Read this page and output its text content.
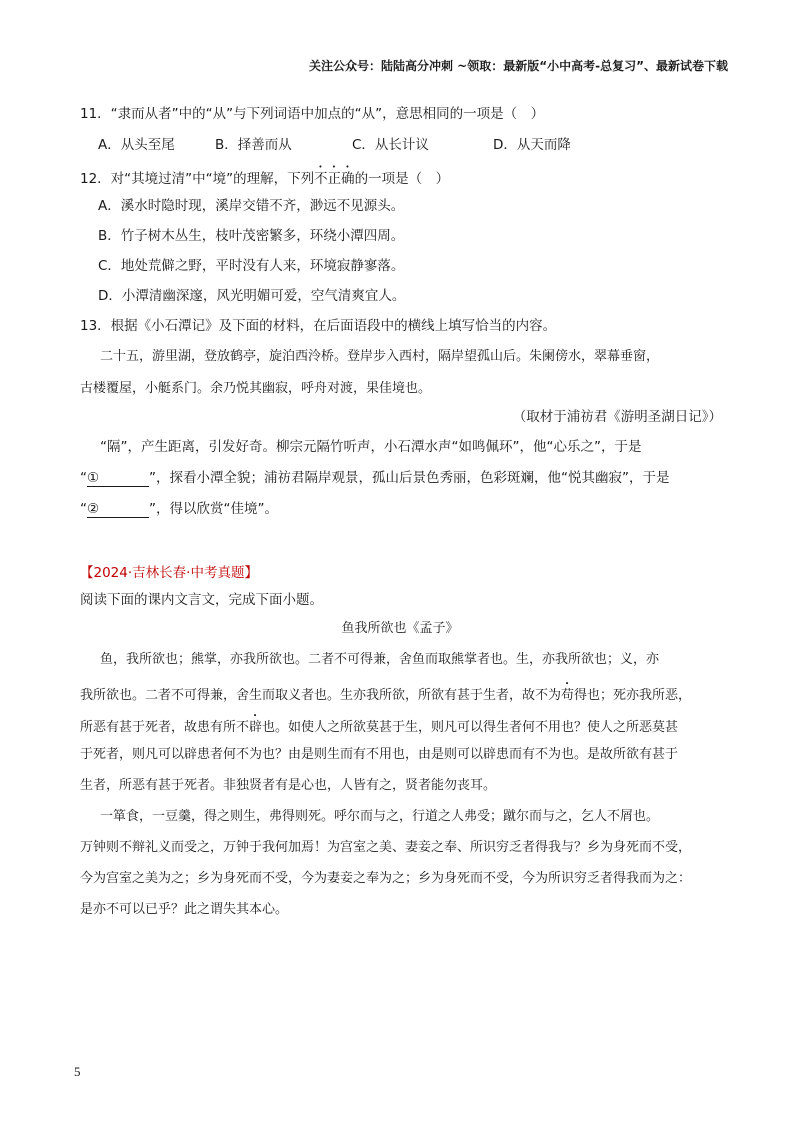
关注公众号：陆陆高分冲刺 ~领取：最新版“小中高考-总复习”、最新试卷下载
11．“隶而从者”中的“从”与下列词语中加点的“从”，意思相同的一项是（　）
A．从头至尾	B．择善而从	C．从长计议	D．从天而降
12．对“其境过清”中“境”的理解，下列不正确的一项是（　）
A．溪水时隐时现，溪岸交错不齐，渺远不见源头。
B．竹子树木丛生，枝叶茂密繁多，环绕小潭四周。
C．地处荒僻之野，平时没有人来，环境寂静寥落。
D．小潭清幽深邃，风光明媚可爱，空气清爽宜人。
13．根据《小石潭记》及下面的材料，在后面语段中的横线上填写恰当的内容。
二十五，游里湖，登放鹤亭，旋泊西泠桥。登岸步入西村，隔岸望孤山后。朱阑傍水，翠幕垂窗，
古楼覆屋，小艇系门。余乃悦其幽寂，呼舟对渡，果佳境也。
（取材于浦祊君《游明圣湖日记》）
“隔”，产生距离，引发好奇。柳宗元隔竹听声，小石潭水声“如鸣佩环”，他“心乐之”，于是
“①	”，探看小潭全貌；浦祊君隔岸观景，孤山后景色秀丽，色彩斑斓，他“悦其幽寂”，于是
“②	”，得以欣赏“佳境”。
【2024·吉林长春·中考真题】
阅读下面的课内文言文，完成下面小题。
鱼我所欲也《孟子》
鱼，我所欲也；熊掌，亦我所欲也。二者不可得兼，舍鱼而取熊掌者也。生，亦我所欲也；义，亦
我所欲也。二者不可得兼，舍生而取义者也。生亦我所欲，所欲有甚于生者，故不为苟得也；死亦我所恶，
所恶有甚于死者，故患有所不辟也。如使人之所欲莫甚于生，则凡可以得生者何不用也？使人之所恶莫甚
于死者，则凡可以辟患者何不为也？由是则生而有不用也，由是则可以辟患而有不为也。是故所欲有甚于
生者，所恶有甚于死者。非独贤者有是心也，人皆有之，贤者能勿丧耳。
一箪食，一豆羹，得之则生，弗得则死。呼尔而与之，行道之人弗受；蹴尔而与之，乞人不屑也。
万钟则不辩礼义而受之，万钟于我何加焉！为宫室之美、妻妾之奉、所识穷乏者得我与？乡为身死而不受，
今为宫室之美为之；乡为身死而不受，今为妻妾之奉为之；乡为身死而不受，今为所识穷乏者得我而为之：
是亦不可以已乎？此之谓失其本心。
5
